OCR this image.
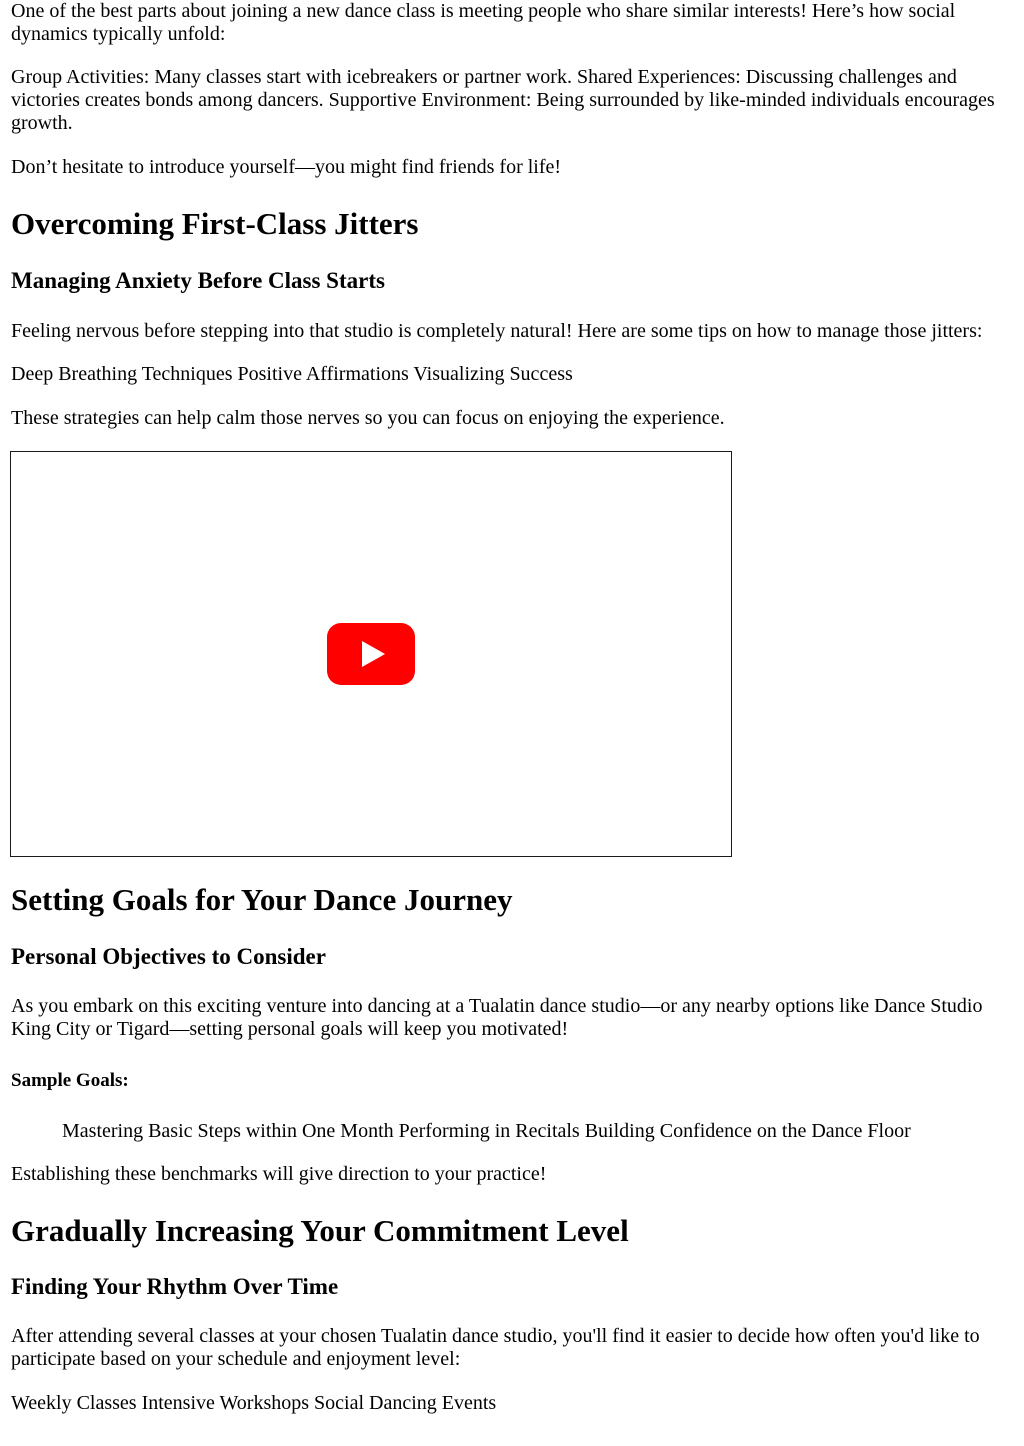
One of the best parts about joining a new dance class is meeting people who share similar interests! Here’s how social dynamics typically unfold:

Group Activities: Many classes start with icebreakers or partner work. Shared Experiences: Discussing challenges and victories creates bonds among dancers. Supportive Environment: Being surrounded by like-minded individuals encourages growth.

Don’t hesitate to introduce yourself—you might find friends for life!

Overcoming First-Class Jitters
Managing Anxiety Before Class Starts

Feeling nervous before stepping into that studio is completely natural! Here are some tips on how to manage those jitters:

Deep Breathing Techniques Positive Affirmations Visualizing Success

These strategies can help calm those nerves so you can focus on enjoying the experience.

Setting Goals for Your Dance Journey
Personal Objectives to Consider

As you embark on this exciting venture into dancing at a Tualatin dance studio—or any nearby options like Dance Studio King City or Tigard—setting personal goals will keep you motivated!

Sample Goals:

Mastering Basic Steps within One Month Performing in Recitals Building Confidence on the Dance Floor

Establishing these benchmarks will give direction to your practice!

Gradually Increasing Your Commitment Level
Finding Your Rhythm Over Time

After attending several classes at your chosen Tualatin dance studio, you'll find it easier to decide how often you'd like to participate based on your schedule and enjoyment level:

Weekly Classes Intensive Workshops Social Dancing Events
